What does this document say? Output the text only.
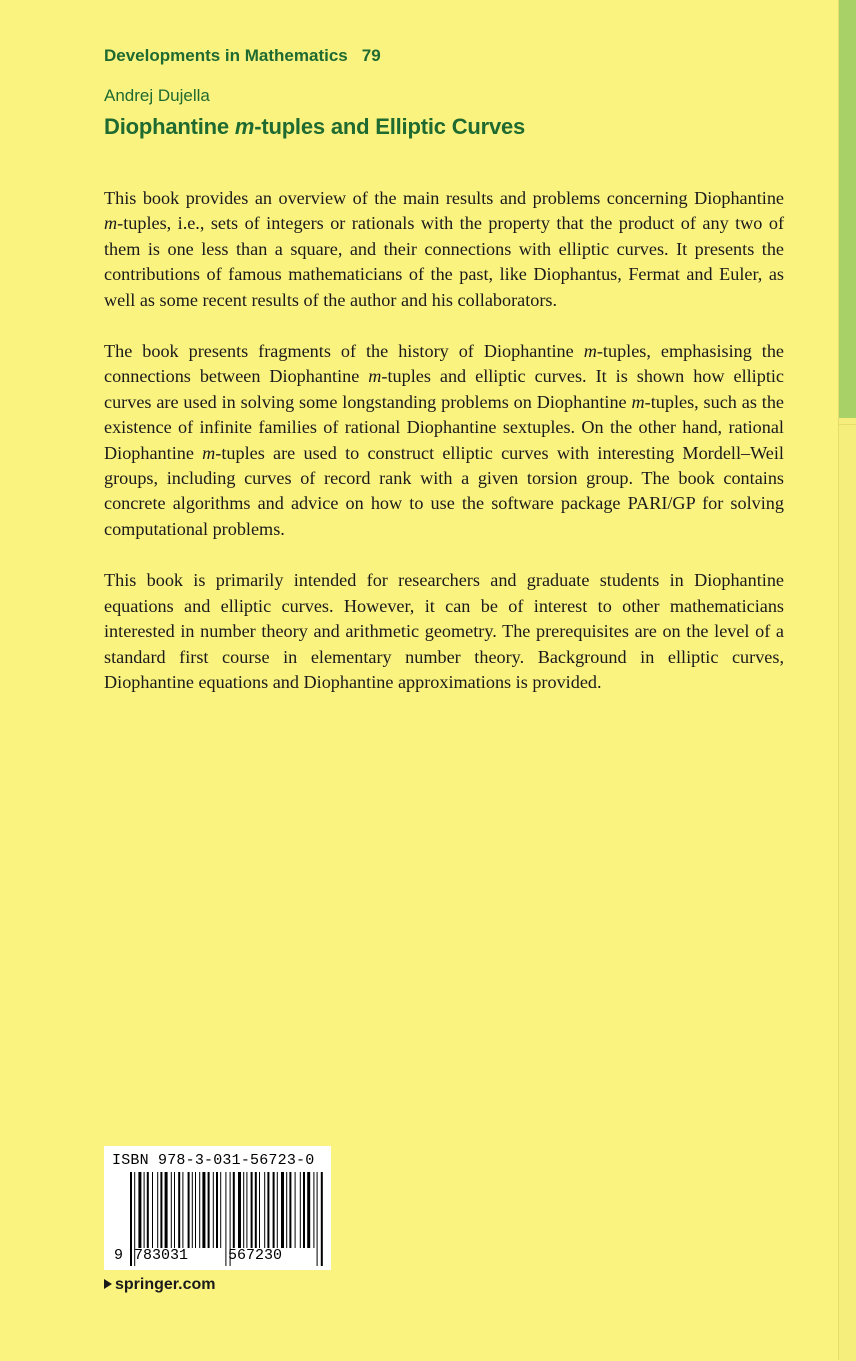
Developments in Mathematics 79
Andrej Dujella
Diophantine m-tuples and Elliptic Curves

This book provides an overview of the main results and problems concerning Diophantine m-tuples, i.e., sets of integers or rationals with the property that the product of any two of them is one less than a square, and their connections with elliptic curves. It presents the contributions of famous mathematicians of the past, like Diophantus, Fermat and Euler, as well as some recent results of the author and his collaborators.

The book presents fragments of the history of Diophantine m-tuples, emphasising the connections between Diophantine m-tuples and elliptic curves. It is shown how elliptic curves are used in solving some longstanding problems on Diophantine m-tuples, such as the existence of infinite families of rational Diophantine sextuples. On the other hand, rational Diophantine m-tuples are used to construct elliptic curves with interesting Mordell–Weil groups, including curves of record rank with a given torsion group. The book contains concrete algorithms and advice on how to use the software package PARI/GP for solving computational problems.

This book is primarily intended for researchers and graduate students in Diophantine equations and elliptic curves. However, it can be of interest to other mathematicians interested in number theory and arithmetic geometry. The prerequisites are on the level of a standard first course in elementary number theory. Background in elliptic curves, Diophantine equations and Diophantine approximations is provided.

ISBN 978-3-031-56723-0
9 783031	567230
springer.com
